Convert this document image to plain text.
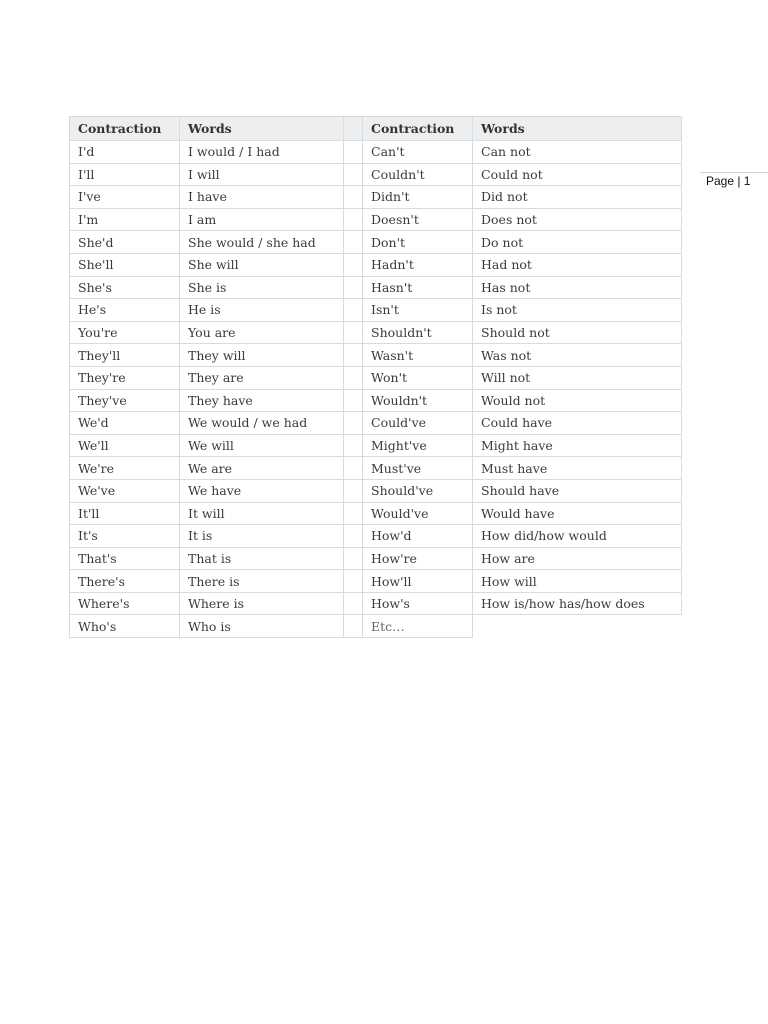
Page | 1
Contraction	Words		Contraction	Words
I'd	I would / I had		Can't	Can not
I'll	I will		Couldn't	Could not
I've	I have		Didn't	Did not
I'm	I am		Doesn't	Does not
She'd	She would / she had		Don't	Do not
She'll	She will		Hadn't	Had not
She's	She is		Hasn't	Has not
He's	He is		Isn't	Is not
You're	You are		Shouldn't	Should not
They'll	They will		Wasn't	Was not
They're	They are		Won't	Will not
They've	They have		Wouldn't	Would not
We'd	We would / we had		Could've	Could have
We'll	We will		Might've	Might have
We're	We are		Must've	Must have
We've	We have		Should've	Should have
It'll	It will		Would've	Would have
It's	It is		How'd	How did/how would
That's	That is		How're	How are
There's	There is		How'll	How will
Where's	Where is		How's	How is/how has/how does
Who's	Who is		Etc…	
